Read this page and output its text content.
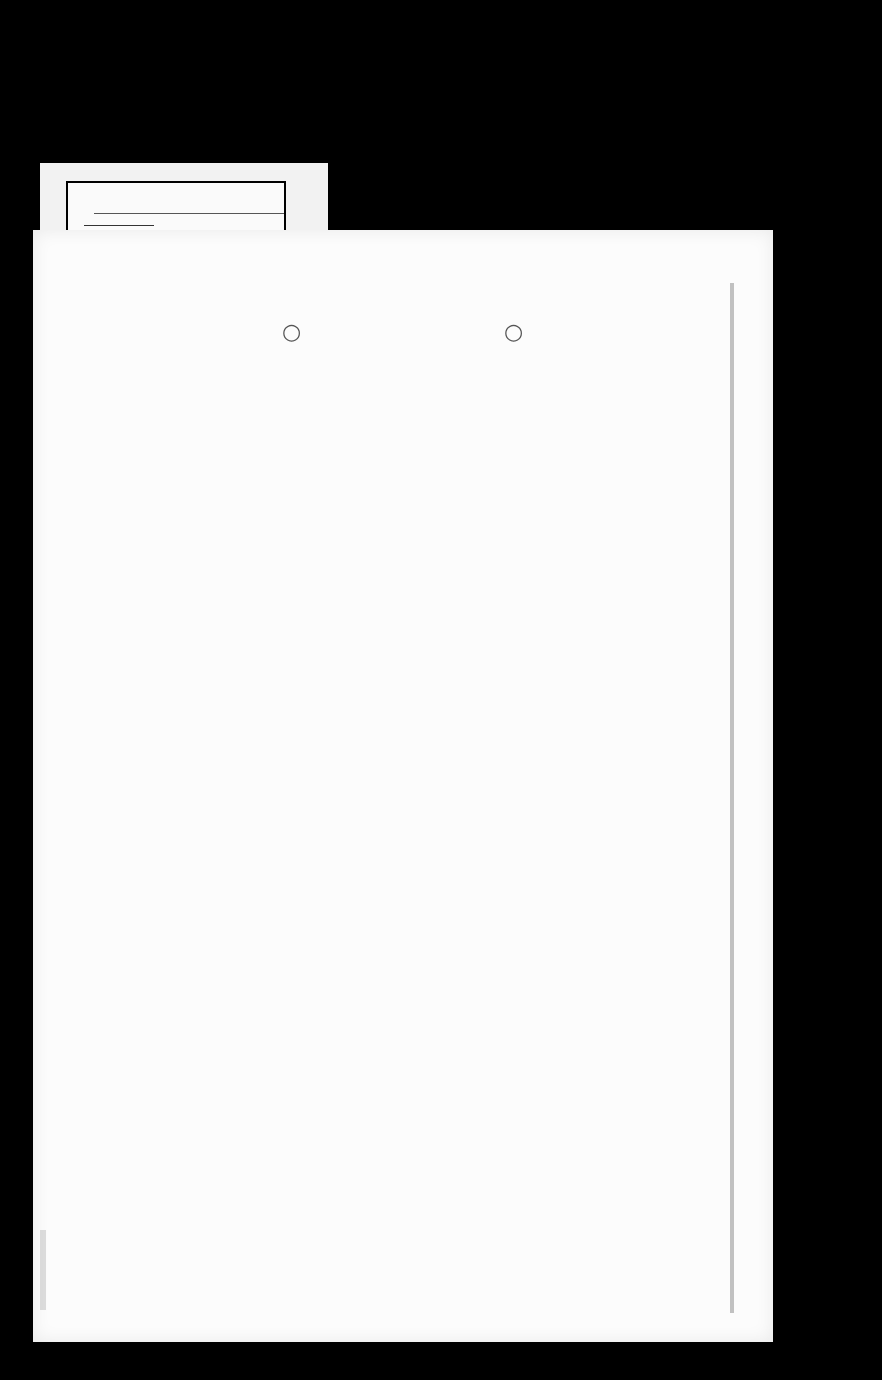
○	○
